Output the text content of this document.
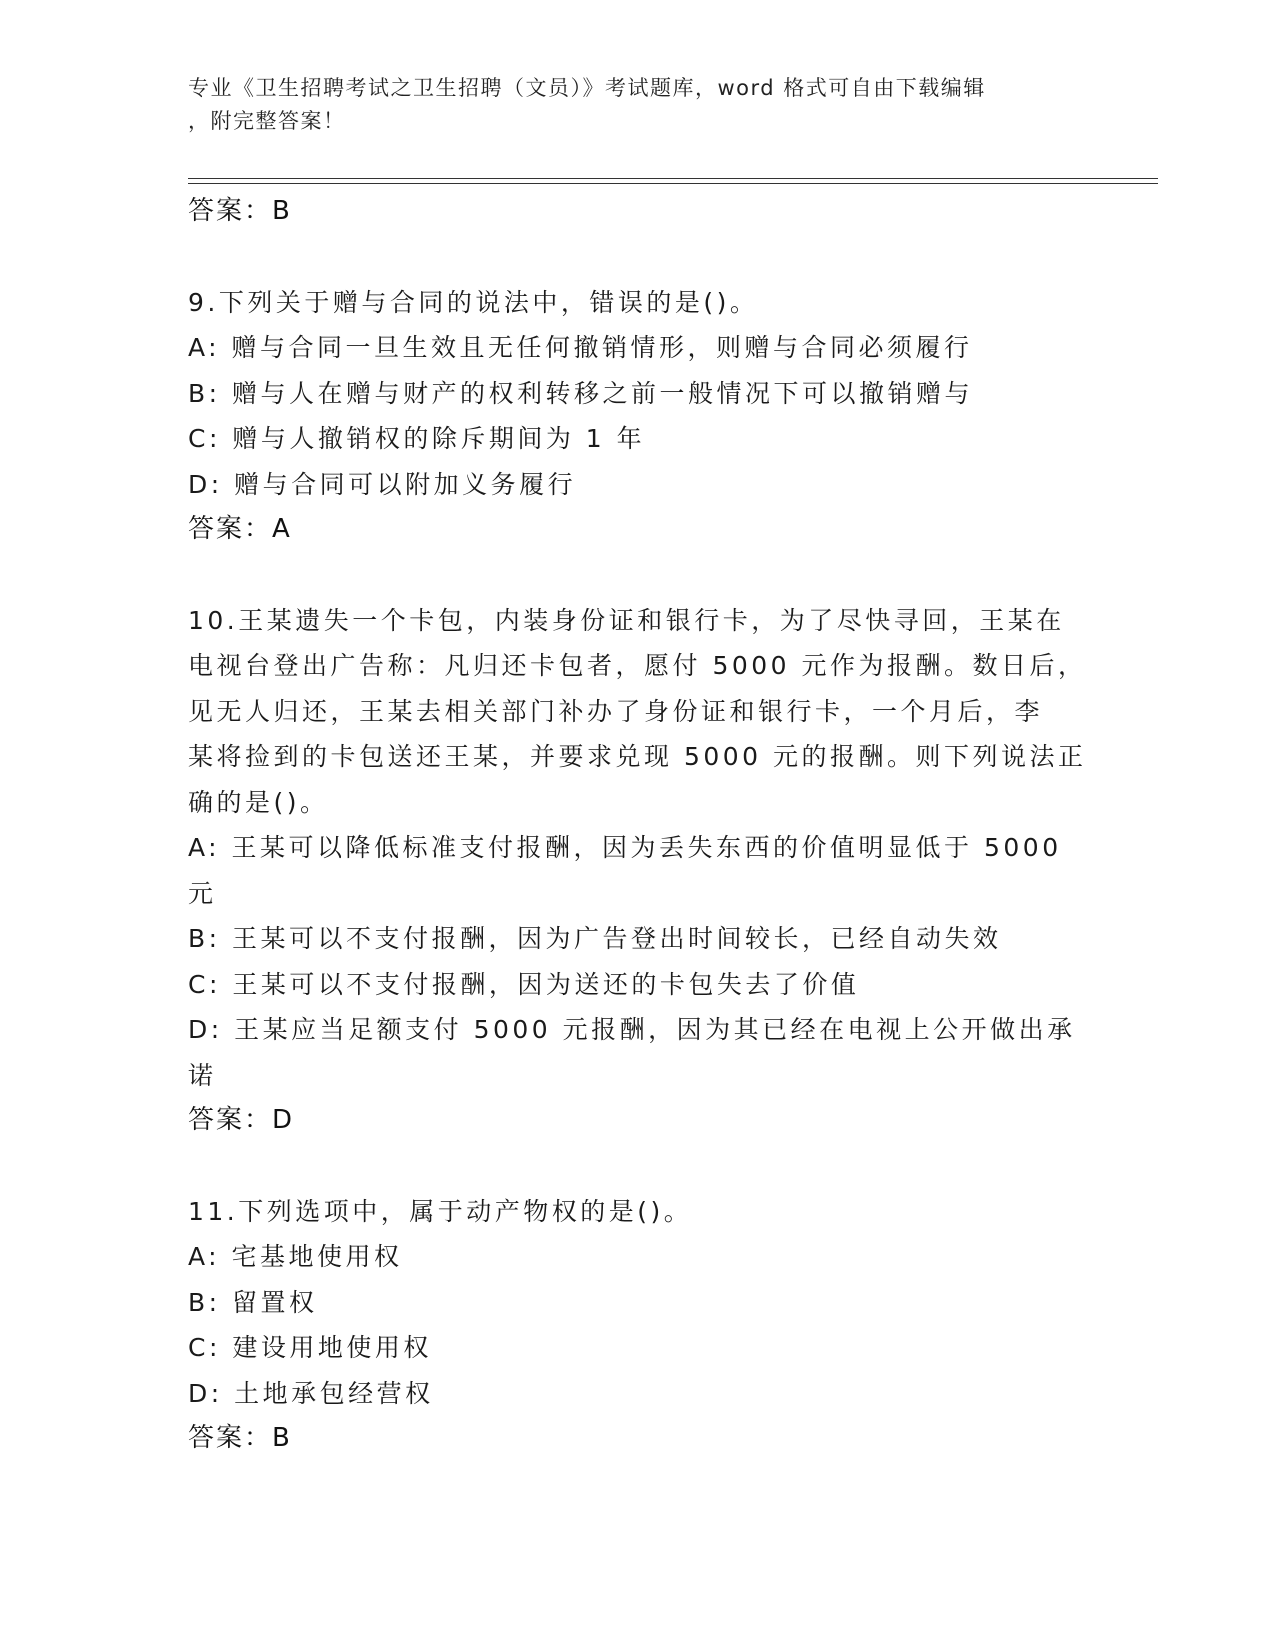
专业《卫生招聘考试之卫生招聘（文员）》考试题库，word 格式可自由下载编辑
，附完整答案！

答案：B

9.下列关于赠与合同的说法中，错误的是()。

A: 赠与合同一旦生效且无任何撤销情形，则赠与合同必须履行

B: 赠与人在赠与财产的权利转移之前一般情况下可以撤销赠与

C: 赠与人撤销权的除斥期间为 1 年

D: 赠与合同可以附加义务履行

答案：A

10.王某遗失一个卡包，内装身份证和银行卡，为了尽快寻回，王某在

电视台登出广告称：凡归还卡包者，愿付 5000 元作为报酬。数日后，

见无人归还，王某去相关部门补办了身份证和银行卡，一个月后，李

某将捡到的卡包送还王某，并要求兑现 5000 元的报酬。则下列说法正

确的是()。

A: 王某可以降低标准支付报酬，因为丢失东西的价值明显低于 5000

元

B: 王某可以不支付报酬，因为广告登出时间较长，已经自动失效

C: 王某可以不支付报酬，因为送还的卡包失去了价值

D: 王某应当足额支付 5000 元报酬，因为其已经在电视上公开做出承

诺

答案：D

11.下列选项中，属于动产物权的是()。

A: 宅基地使用权

B: 留置权

C: 建设用地使用权

D: 土地承包经营权

答案：B
